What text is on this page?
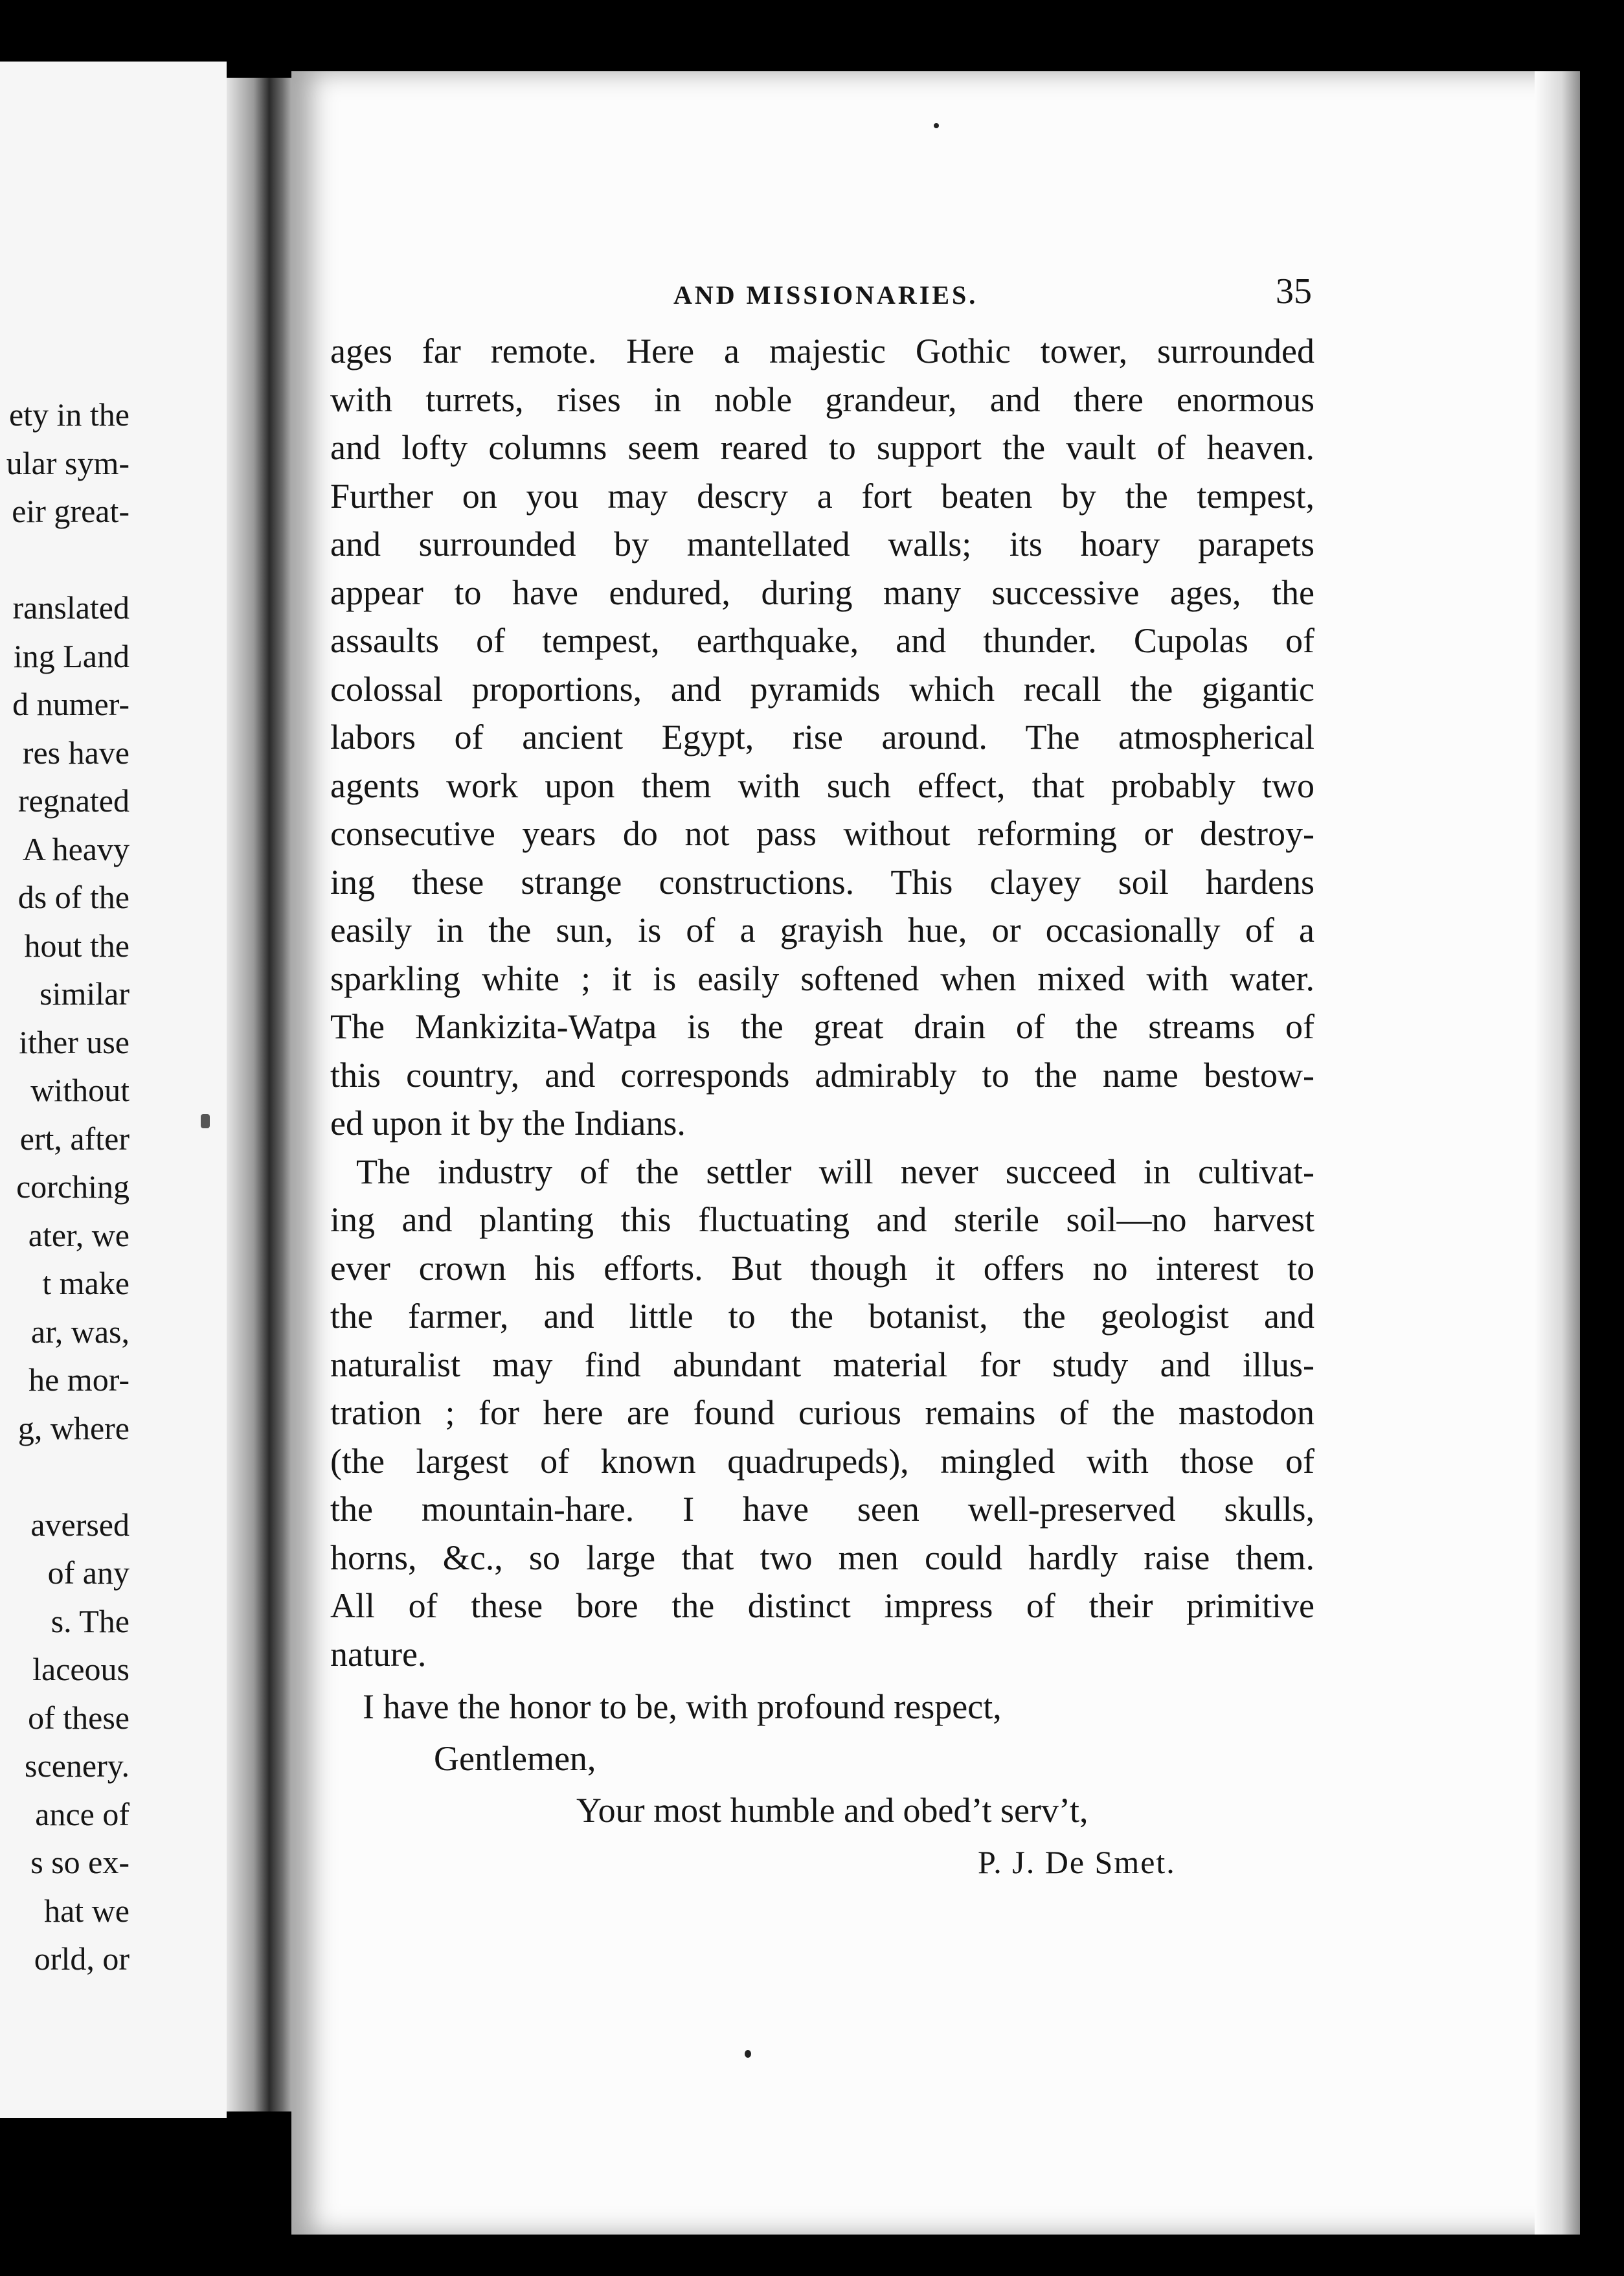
ety in the
ular sym-
eir great-
ranslated
ing Land
d numer-
res have
regnated
A heavy
ds of the
hout the
similar
ither use
without
ert, after
corching
ater, we
t make
ar, was,
he mor-
g, where
aversed
of any
s. The
laceous
of these
scenery.
ance of
s so ex-
hat we
orld, or
AND MISSIONARIES.	35
ages far remote. Here a majestic Gothic tower, surrounded
with turrets, rises in noble grandeur, and there enormous
and lofty columns seem reared to support the vault of heaven.
Further on you may descry a fort beaten by the tempest,
and surrounded by mantellated walls; its hoary parapets
appear to have endured, during many successive ages, the
assaults of tempest, earthquake, and thunder. Cupolas of
colossal proportions, and pyramids which recall the gigantic
labors of ancient Egypt, rise around. The atmospherical
agents work upon them with such effect, that probably two
consecutive years do not pass without reforming or destroy-
ing these strange constructions. This clayey soil hardens
easily in the sun, is of a grayish hue, or occasionally of a
sparkling white ; it is easily softened when mixed with water.
The Mankizita-Watpa is the great drain of the streams of
this country, and corresponds admirably to the name bestow-
ed upon it by the Indians.
The industry of the settler will never succeed in cultivat-
ing and planting this fluctuating and sterile soil—no harvest
ever crown his efforts. But though it offers no interest to
the farmer, and little to the botanist, the geologist and
naturalist may find abundant material for study and illus-
tration ; for here are found curious remains of the mastodon
(the largest of known quadrupeds), mingled with those of
the mountain-hare. I have seen well-preserved skulls,
horns, &c., so large that two men could hardly raise them.
All of these bore the distinct impress of their primitive
nature.
I have the honor to be, with profound respect,
Gentlemen,
Your most humble and obed’t serv’t,
P. J. De Smet.
